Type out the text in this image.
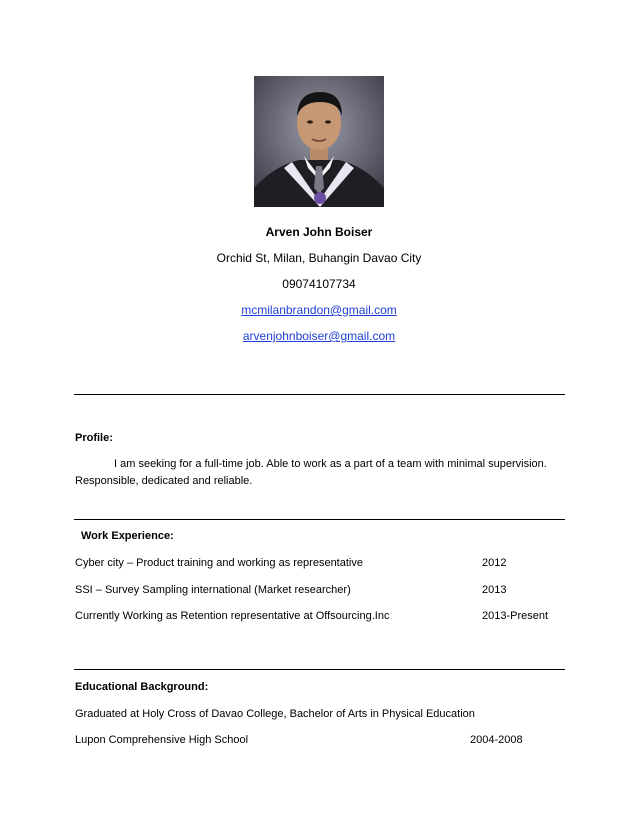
Arven John Boiser
Orchid St, Milan, Buhangin Davao City
09074107734
mcmilanbrandon@gmail.com
arvenjohnboiser@gmail.com
Profile:
I am seeking for a full-time job. Able to work as a part of a team with minimal supervision.
Responsible, dedicated and reliable.
Work Experience:
Cyber city – Product training and working as representative	2012
SSI – Survey Sampling international (Market researcher)	2013
Currently Working as Retention representative at Offsourcing.Inc	2013-Present
Educational Background:
Graduated at Holy Cross of Davao College, Bachelor of Arts in Physical Education
Lupon Comprehensive High School	2004-2008
